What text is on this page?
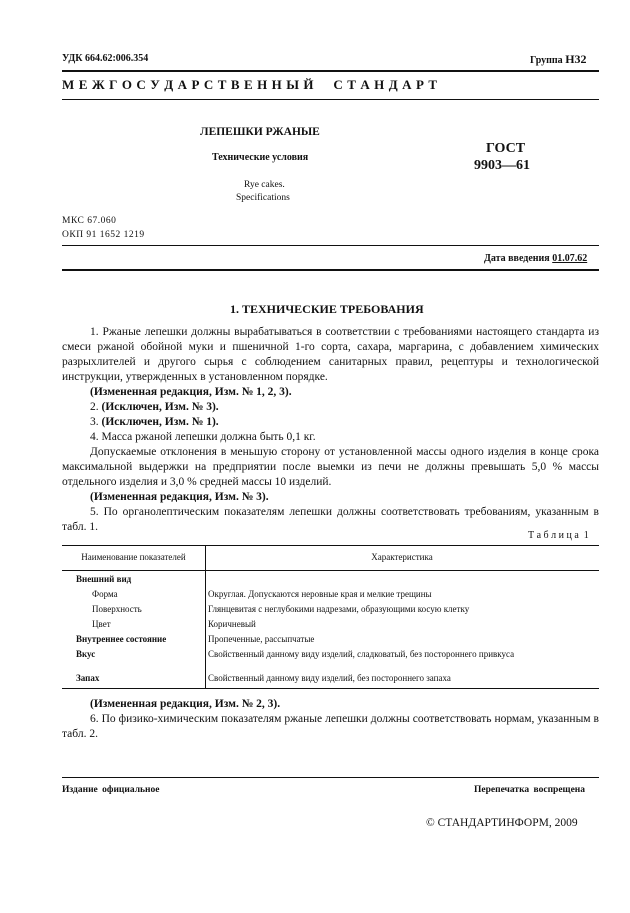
УДК 664.62:006.354	Группа Н32
М Е Ж Г О С У Д А Р С Т В Е Н Н Ы Й     С Т А Н Д А Р Т
ЛЕПЕШКИ РЖАНЫЕ
Технические условия
Rye cakes.
Specifications
ГОСТ
9903—61
МКС 67.060
ОКП 91 1652 1219
Дата введения 01.07.62
1. ТЕХНИЧЕСКИЕ ТРЕБОВАНИЯ

1. Ржаные лепешки должны вырабатываться в соответствии с требованиями настоящего стандарта из смеси ржаной обойной муки и пшеничной 1-го сорта, сахара, маргарина, с добавлением химических разрыхлителей и другого сырья с соблюдением санитарных правил, рецептуры и технологической инструкции, утвержденных в установленном порядке.

(Измененная редакция, Изм. № 1, 2, 3).

2. (Исключен, Изм. № 3).

3. (Исключен, Изм. № 1).

4. Масса ржаной лепешки должна быть 0,1 кг.

Допускаемые отклонения в меньшую сторону от установленной массы одного изделия в конце срока максимальной выдержки на предприятии после выемки из печи не должны превышать 5,0 % массы отдельного изделия и 3,0 % средней массы 10 изделий.

(Измененная редакция, Изм. № 3).

5. По органолептическим показателям лепешки должны соответствовать требованиям, указанным в табл. 1.

Т а б л и ц а  1
Наименование показателей	Характеристика
Внешний вид
Форма	Округлая. Допускаются неровные края и мелкие трещины
Поверхность	Глянцевитая с неглубокими надрезами, образующими косую клетку
Цвет	Коричневый
Внутреннее состояние	Пропеченные, рассыпчатые
Вкус	Свойственный данному виду изделий, сладковатый, без постороннего привкуса
Запах	Свойственный данному виду изделий, без постороннего запаха

(Измененная редакция, Изм. № 2, 3).

6. По физико-химическим показателям ржаные лепешки должны соответствовать нормам, указанным в табл. 2.

Издание официальное	Перепечатка воспрещена
© СТАНДАРТИНФОРМ, 2009
